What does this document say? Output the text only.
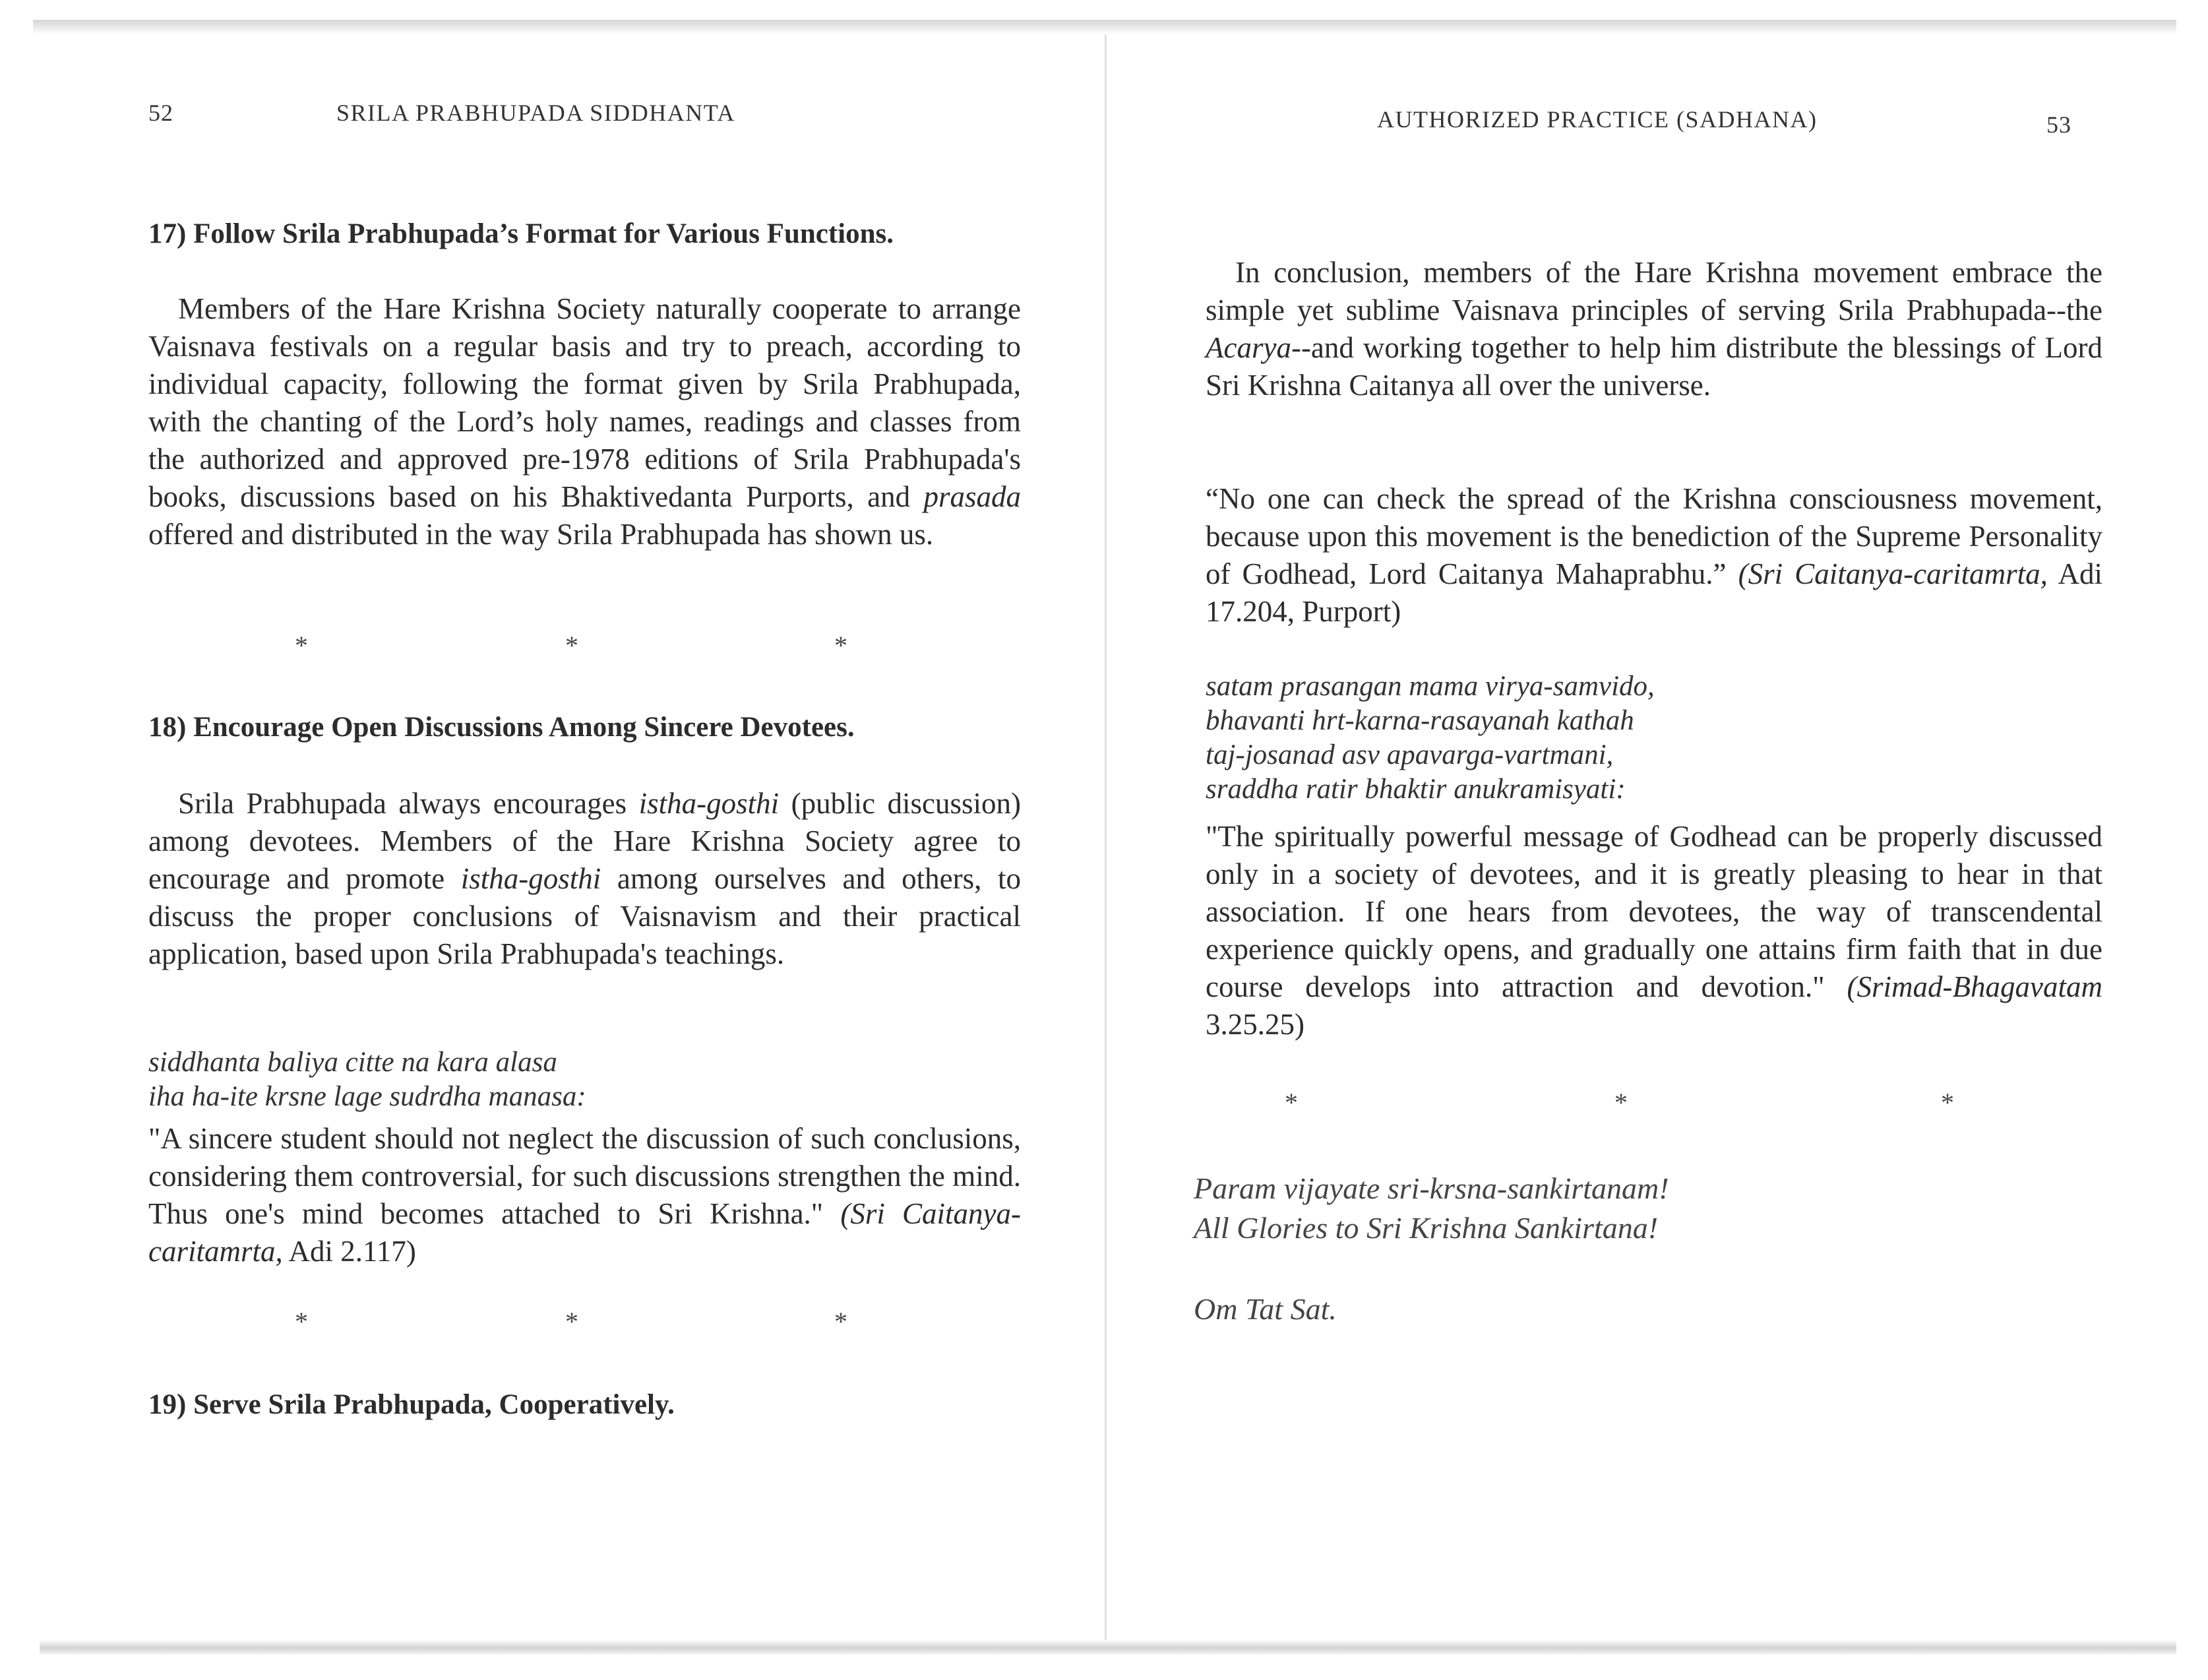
52	SRILA PRABHUPADA SIDDHANTA
17) Follow Srila Prabhupada’s Format for Various Functions.

Members of the Hare Krishna Society naturally cooperate to arrange Vaisnava festivals on a regular basis and try to preach, according to individual capacity, following the format given by Srila Prabhupada, with the chanting of the Lord’s holy names, readings and classes from the authorized and approved pre-1978 editions of Srila Prabhupada's books, discussions based on his Bhaktivedanta Purports, and prasada offered and distributed in the way Srila Prabhupada has shown us.

*	*	*
18) Encourage Open Discussions Among Sincere Devotees.

Srila Prabhupada always encourages istha-gosthi (public discussion) among devotees. Members of the Hare Krishna Society agree to encourage and promote istha-gosthi among ourselves and others, to discuss the proper conclusions of Vaisnavism and their practical application, based upon Srila Prabhupada's teachings.

siddhanta baliya citte na kara alasa
iha ha-ite krsne lage sudrdha manasa:

"A sincere student should not neglect the discussion of such conclusions, considering them controversial, for such discussions strengthen the mind. Thus one's mind becomes attached to Sri Krishna." (Sri Caitanya-caritamrta, Adi 2.117)

*	*	*
19) Serve Srila Prabhupada, Cooperatively.
AUTHORIZED PRACTICE (SADHANA)	53

In conclusion, members of the Hare Krishna movement embrace the simple yet sublime Vaisnava principles of serving Srila Prabhupada--the Acarya--and working together to help him distribute the blessings of Lord Sri Krishna Caitanya all over the universe.

“No one can check the spread of the Krishna consciousness movement, because upon this movement is the benediction of the Supreme Personality of Godhead, Lord Caitanya Mahaprabhu.” (Sri Caitanya-caritamrta, Adi 17.204, Purport)

satam prasangan mama virya-samvido,
bhavanti hrt-karna-rasayanah kathah
taj-josanad asv apavarga-vartmani,
sraddha ratir bhaktir anukramisyati:

"The spiritually powerful message of Godhead can be properly discussed only in a society of devotees, and it is greatly pleasing to hear in that association. If one hears from devotees, the way of transcendental experience quickly opens, and gradually one attains firm faith that in due course develops into attraction and devotion." (Srimad-Bhagavatam 3.25.25)

*	*	*
Param vijayate sri-krsna-sankirtanam!
All Glories to Sri Krishna Sankirtana!
Om Tat Sat.
